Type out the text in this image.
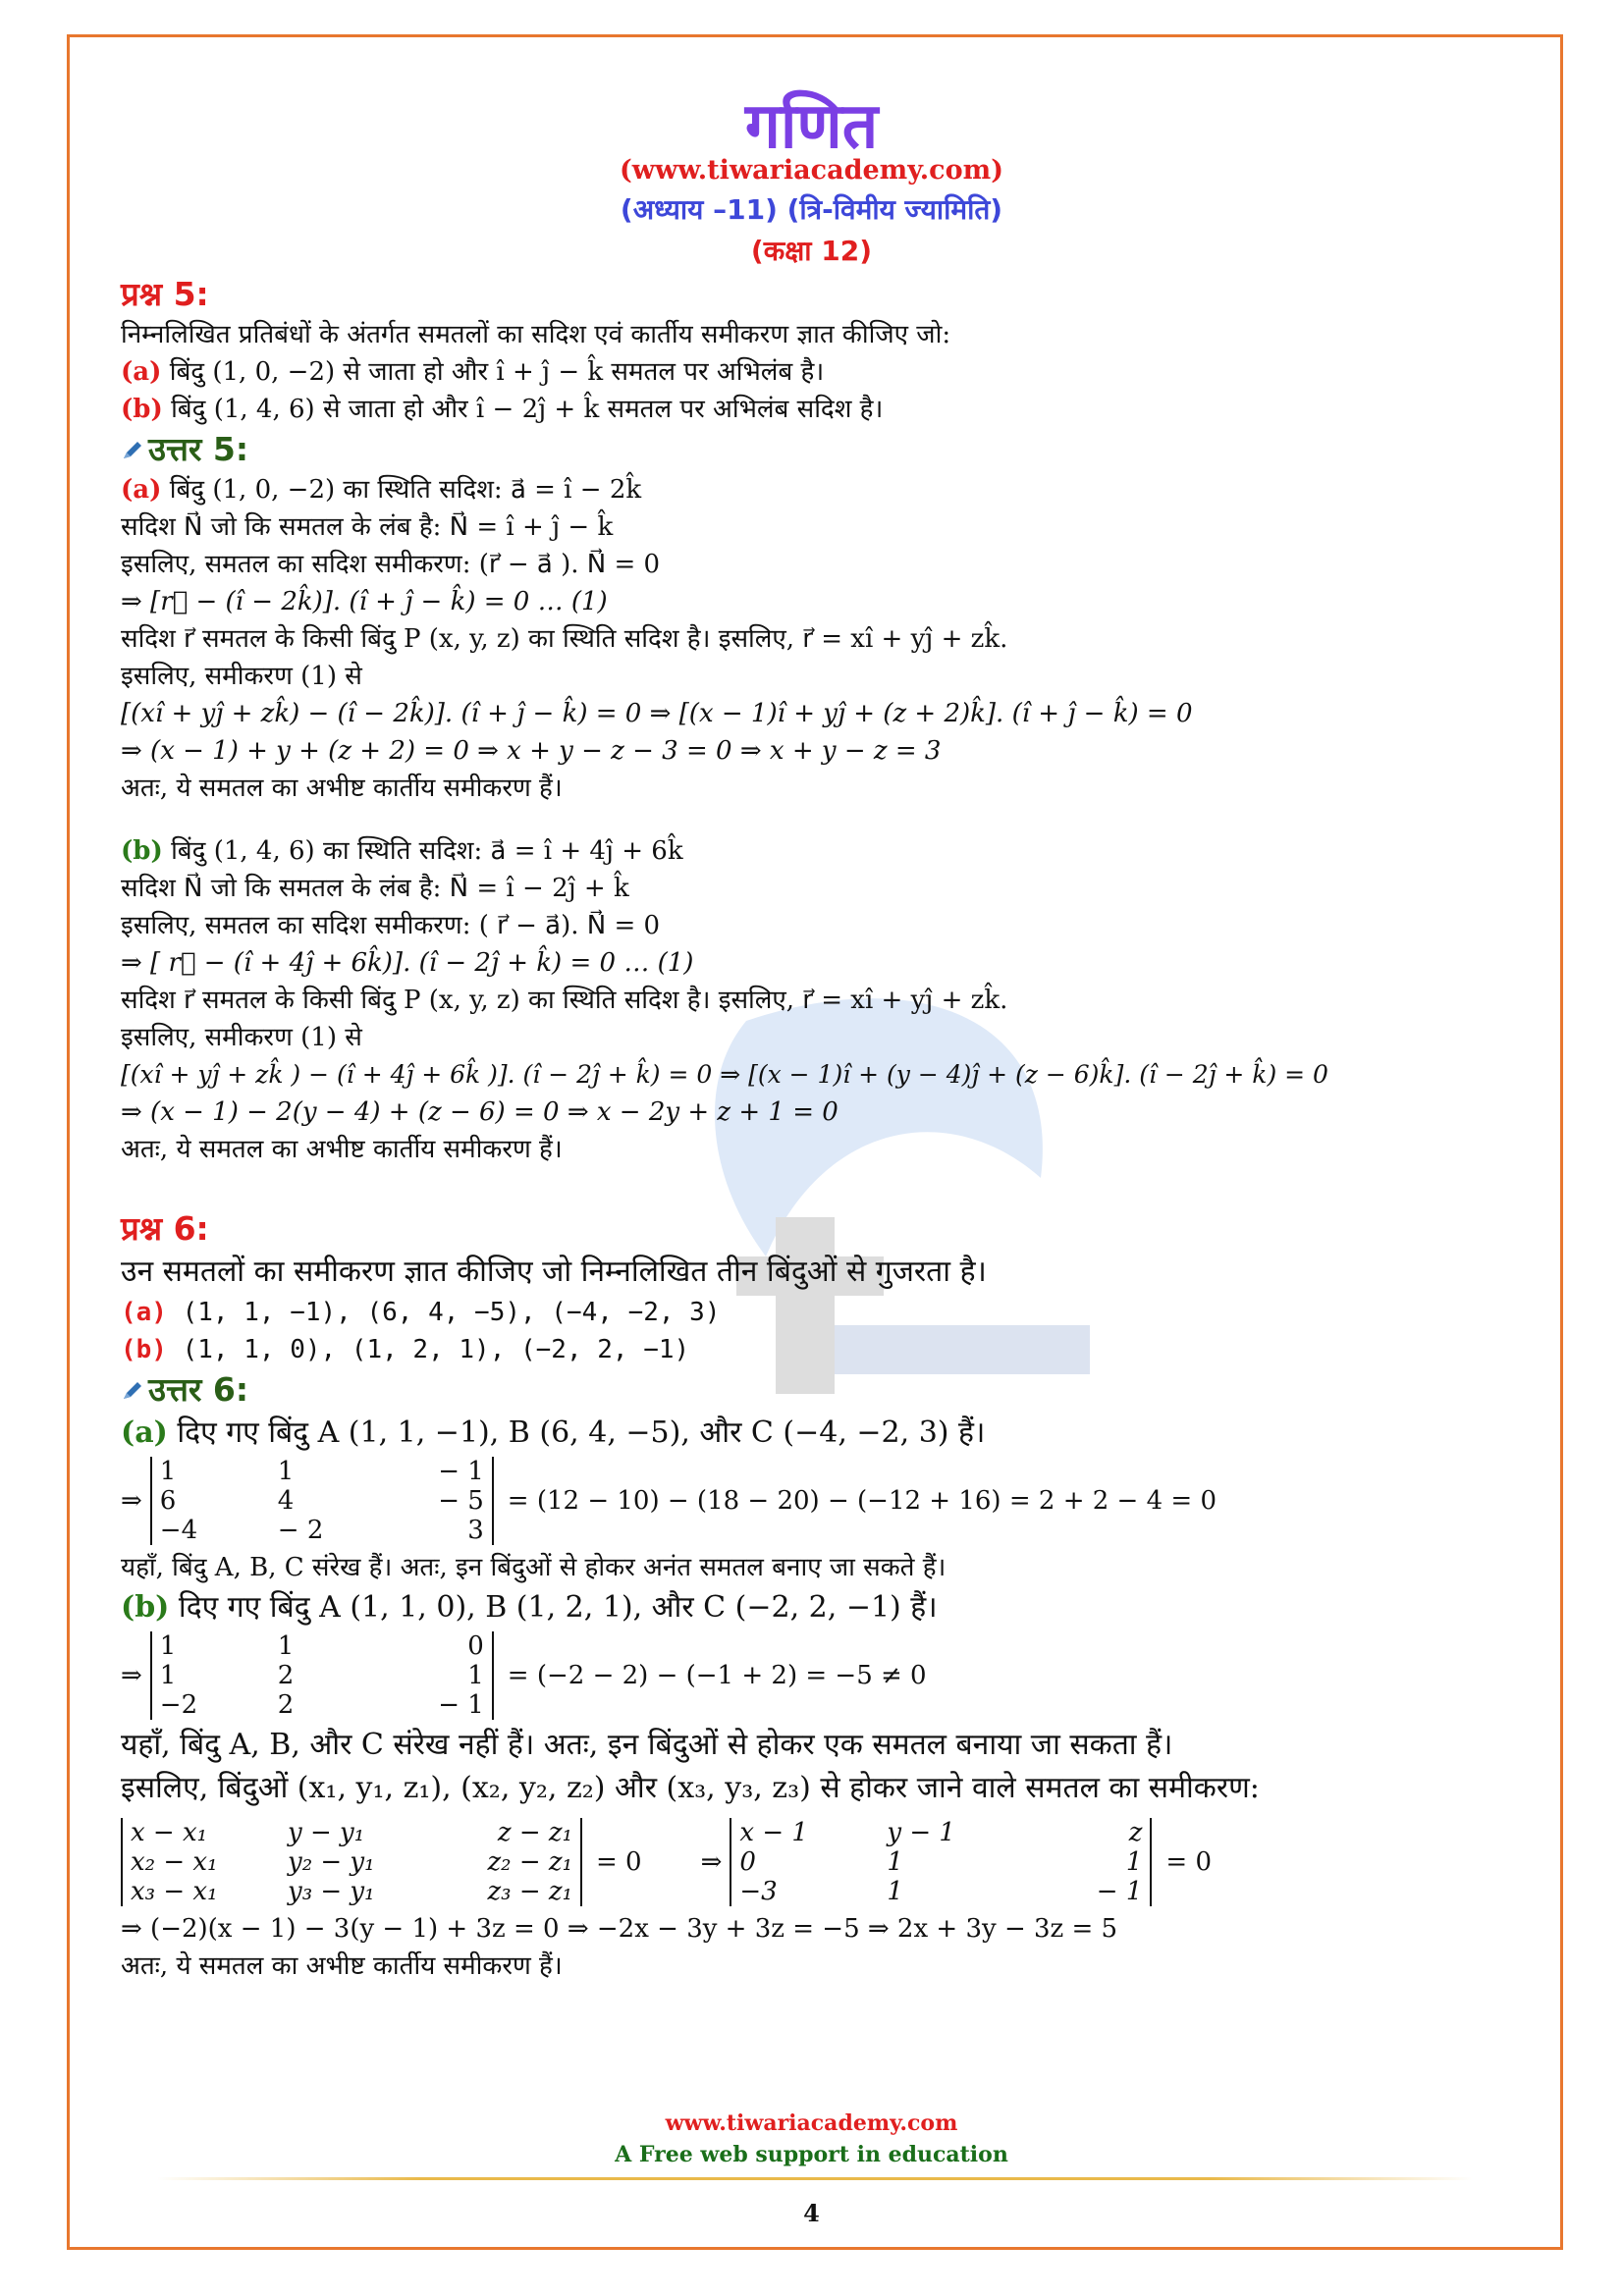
गणित
(www.tiwariacademy.com)
(अध्याय –11) (त्रि-विमीय ज्यामिति)
(कक्षा 12)

प्रश्न 5:

निम्नलिखित प्रतिबंधों के अंतर्गत समतलों का सदिश एवं कार्तीय समीकरण ज्ञात कीजिए जो:

(a) बिंदु (1, 0, −2) से जाता हो और î + ĵ − k̂ समतल पर अभिलंब है।

(b) बिंदु (1, 4, 6) से जाता हो और î − 2ĵ + k̂ समतल पर अभिलंब सदिश है।

उत्तर 5:

(a) बिंदु (1, 0, −2) का स्थिति सदिश: a⃗ = î − 2k̂

सदिश N⃗ जो कि समतल के लंब है: N⃗ = î + ĵ − k̂

इसलिए, समतल का सदिश समीकरण: (r⃗ − a⃗ ). N⃗ = 0

⇒ [r⃗ − (î − 2k̂)]. (î + ĵ − k̂) = 0 … (1)

सदिश r⃗ समतल के किसी बिंदु P (x, y, z) का स्थिति सदिश है। इसलिए, r⃗ = xî + yĵ + zk̂.

इसलिए, समीकरण (1) से

[(xî + yĵ + zk̂) − (î − 2k̂)]. (î + ĵ − k̂) = 0 ⇒ [(x − 1)î + yĵ + (z + 2)k̂]. (î + ĵ − k̂) = 0

⇒ (x − 1) + y + (z + 2) = 0 ⇒ x + y − z − 3 = 0 ⇒ x + y − z = 3

अतः, ये समतल का अभीष्ट कार्तीय समीकरण हैं।

(b) बिंदु (1, 4, 6) का स्थिति सदिश: a⃗ = î + 4ĵ + 6k̂

सदिश N⃗ जो कि समतल के लंब है: N⃗ = î − 2ĵ + k̂

इसलिए, समतल का सदिश समीकरण: ( r⃗ − a⃗). N⃗ = 0

⇒ [ r⃗ − (î + 4ĵ + 6k̂)]. (î − 2ĵ + k̂) = 0 … (1)

सदिश r⃗ समतल के किसी बिंदु P (x, y, z) का स्थिति सदिश है। इसलिए, r⃗ = xî + yĵ + zk̂.

इसलिए, समीकरण (1) से

[(xî + yĵ + zk̂ ) − (î + 4ĵ + 6k̂ )]. (î − 2ĵ + k̂) = 0 ⇒ [(x − 1)î + (y − 4)ĵ + (z − 6)k̂]. (î − 2ĵ + k̂) = 0

⇒ (x − 1) − 2(y − 4) + (z − 6) = 0 ⇒ x − 2y + z + 1 = 0

अतः, ये समतल का अभीष्ट कार्तीय समीकरण हैं।

प्रश्न 6:

उन समतलों का समीकरण ज्ञात कीजिए जो निम्नलिखित तीन बिंदुओं से गुजरता है।

(a) (1, 1, −1), (6, 4, −5), (−4, −2, 3)

(b) (1, 1, 0), (1, 2, 1), (−2, 2, −1)

उत्तर 6:

(a) दिए गए बिंदु A (1, 1, −1), B (6, 4, −5), और C (−4, −2, 3) हैं।

⇒
1	1	− 1
6	4	− 5
−4	− 2	3
= (12 − 10) − (18 − 20) − (−12 + 16) = 2 + 2 − 4 = 0

यहाँ, बिंदु A, B, C संरेख हैं। अतः, इन बिंदुओं से होकर अनंत समतल बनाए जा सकते हैं।

(b) दिए गए बिंदु A (1, 1, 0), B (1, 2, 1), और C (−2, 2, −1) हैं।

⇒
1	1	0
1	2	1
−2	2	− 1
= (−2 − 2) − (−1 + 2) = −5 ≠ 0

यहाँ, बिंदु A, B, और C संरेख नहीं हैं। अतः, इन बिंदुओं से होकर एक समतल बनाया जा सकता हैं।

इसलिए, बिंदुओं (x₁, y₁, z₁), (x₂, y₂, z₂) और (x₃, y₃, z₃) से होकर जाने वाले समतल का समीकरण:

x − x₁	y − y₁	z − z₁
x₂ − x₁	y₂ − y₁	z₂ − z₁
x₃ − x₁	y₃ − y₁	z₃ − z₁
= 0 ⇒
x − 1	y − 1	z
0	1	1
−3	1	− 1
= 0

⇒ (−2)(x − 1) − 3(y − 1) + 3z = 0 ⇒ −2x − 3y + 3z = −5 ⇒ 2x + 3y − 3z = 5

अतः, ये समतल का अभीष्ट कार्तीय समीकरण हैं।

www.tiwariacademy.com
A Free web support in education
4
